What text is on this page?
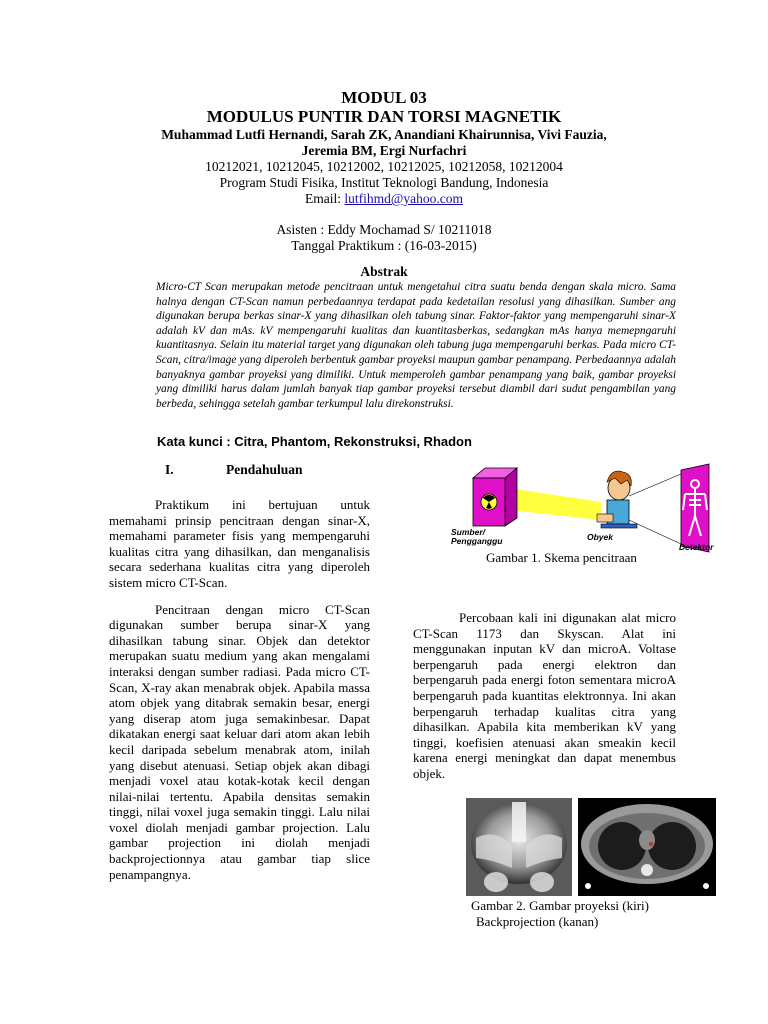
MODUL 03
MODULUS PUNTIR DAN TORSI MAGNETIK
Muhammad Lutfi Hernandi, Sarah ZK, Anandiani Khairunnisa, Vivi Fauzia,
Jeremia BM, Ergi Nurfachri
10212021, 10212045, 10212002, 10212025, 10212058, 10212004
Program Studi Fisika, Institut Teknologi Bandung, Indonesia
Email: lutfihmd@yahoo.com
Asisten : Eddy Mochamad S/ 10211018
Tanggal Praktikum : (16-03-2015)
Abstrak
Micro-CT Scan merupakan metode pencitraan untuk mengetahui citra suatu benda dengan skala micro. Sama halnya dengan CT-Scan namun perbedaannya terdapat pada kedetailan resolusi yang dihasilkan. Sumber ang digunakan berupa berkas sinar-X yang dihasilkan oleh tabung sinar. Faktor-faktor yang mempengaruhi sinar-X adalah kV dan mAs. kV mempengaruhi kualitas dan kuantitasberkas, sedangkan mAs hanya memepngaruhi kuantitasnya. Selain itu material target yang digunakan oleh tabung juga mempengaruhi berkas. Pada micro CT-Scan, citra/image yang diperoleh berbentuk gambar proyeksi maupun gambar penampang. Perbedaannya adalah banyaknya gambar proyeksi yang dimiliki. Untuk memperoleh gambar penampang yang baik, gambar proyeksi yang dimiliki harus dalam jumlah banyak tiap gambar proyeksi tersebut diambil dari sudut pengambilan yang berbeda, sehingga setelah gambar terkumpul lalu direkonstruksi.
Kata kunci : Citra, Phantom, Rekonstruksi, Rhadon
I.	Pendahuluan

Praktikum ini bertujuan untuk memahami prinsip pencitraan dengan sinar-X, memahami parameter fisis yang mempengaruhi kualitas citra yang dihasilkan, dan menganalisis secara sederhana kualitas citra yang diperoleh sistem micro CT-Scan.

Pencitraan dengan micro CT-Scan digunakan sumber berupa sinar-X yang dihasilkan tabung sinar. Objek dan detektor merupakan suatu medium yang akan mengalami interaksi dengan sumber radiasi. Pada micro CT-Scan, X-ray akan menabrak objek. Apabila massa atom objek yang ditabrak semakin besar, energi yang diserap atom juga semakinbesar. Dapat dikatakan energi saat keluar dari atom akan lebih kecil daripada sebelum menabrak atom, inilah yang disebut atenuasi. Setiap objek akan dibagi menjadi voxel atau kotak-kotak kecil dengan nilai-nilai tertentu. Apabila densitas semakin tinggi, nilai voxel juga semakin tinggi. Lalu nilai voxel diolah menjadi gambar projection. Lalu gambar projection ini diolah menjadi backprojectionnya atau gambar tiap slice penampangnya.

Sumber/
Pengganggu	Obyek
Detektor
Gambar 1. Skema pencitraan

Percobaan kali ini digunakan alat micro CT-Scan 1173 dan Skyscan. Alat ini menggunakan inputan kV dan microA. Voltase berpengaruh pada energi elektron dan berpengaruh pada energi foton sementara microA berpengaruh pada kuantitas elektronnya. Ini akan berpengaruh terhadap kualitas citra yang dihasilkan. Apabila kita memberikan kV yang tinggi, koefisien atenuasi akan smeakin kecil karena energi meningkat dan dapat menembus objek.

Gambar 2. Gambar proyeksi (kiri)
Backprojection (kanan)
